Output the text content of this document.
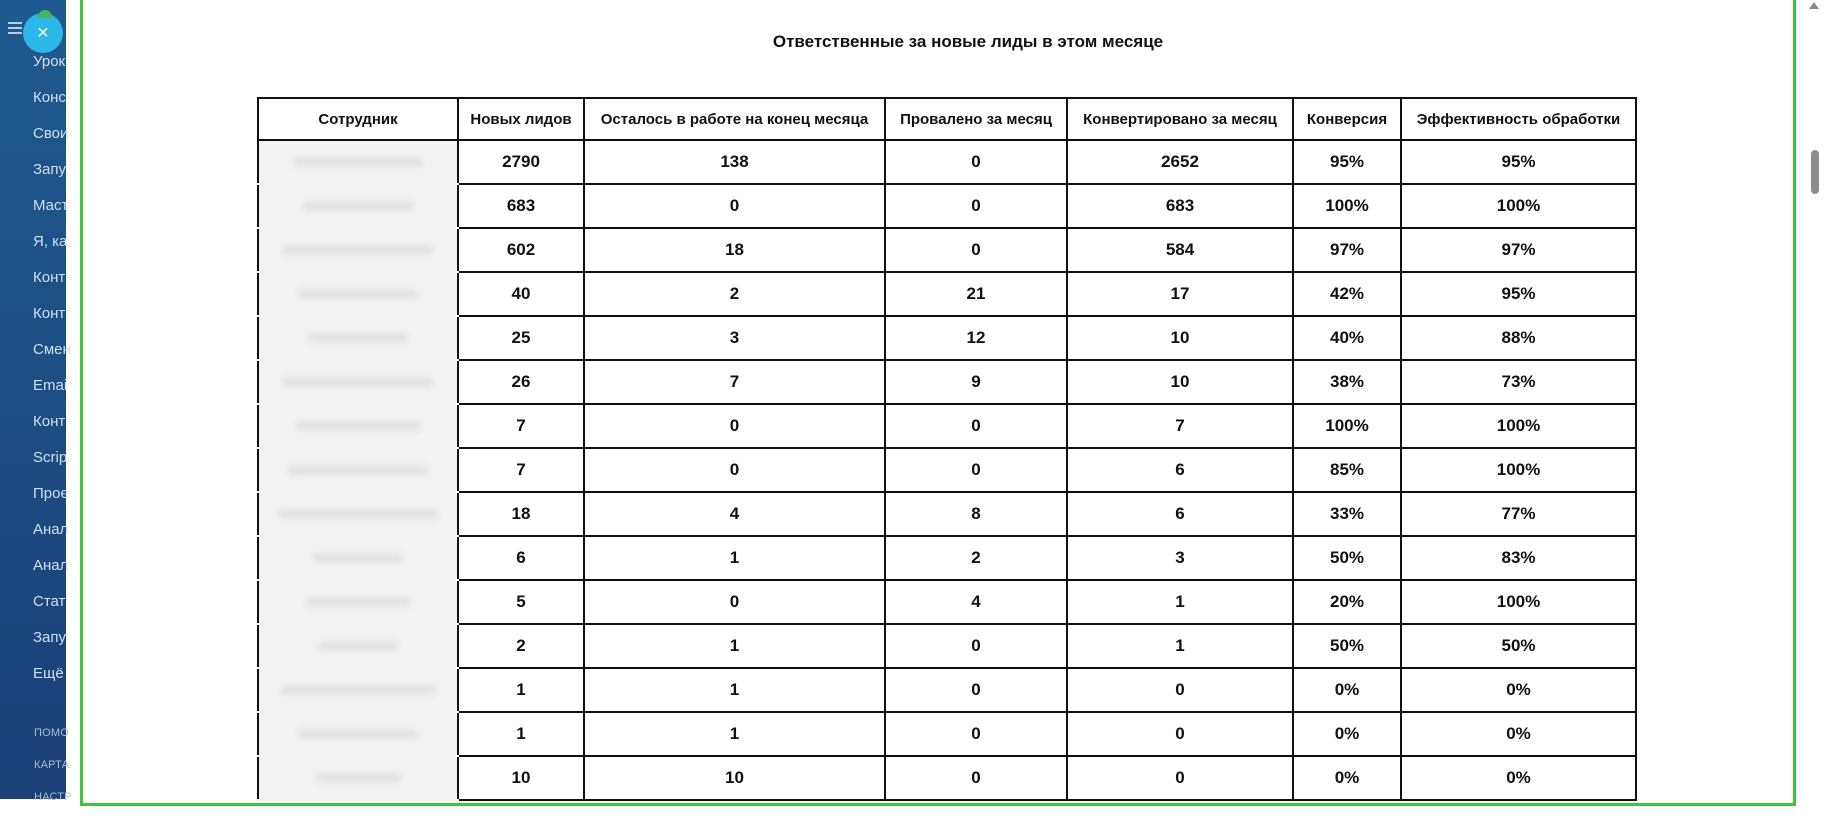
Урок
Конс
Свои
Запу
Маст
Я, ка
Конт
Конт
Смен
Emai
Конт
Scrip
Проє
Анал
Анал
Стат
Запу
Ещё
ПОМО
КАРТА
НАСТР
×	Ответственные за новые лиды в этом месяце
Сотрудник	Новых лидов	Осталось в работе на конец месяца	Провалено за месяц	Конвертировано за месяц	Конверсия	Эффективность обработки

	2790	138	0	2652	95%	95%

	683	0	0	683	100%	100%

	602	18	0	584	97%	97%

	40	2	21	17	42%	95%

	25	3	12	10	40%	88%

	26	7	9	10	38%	73%

	7	0	0	7	100%	100%

	7	0	0	6	85%	100%

	18	4	8	6	33%	77%

	6	1	2	3	50%	83%

	5	0	4	1	20%	100%

	2	1	0	1	50%	50%

	1	1	0	0	0%	0%

	1	1	0	0	0%	0%

	10	10	0	0	0%	0%
